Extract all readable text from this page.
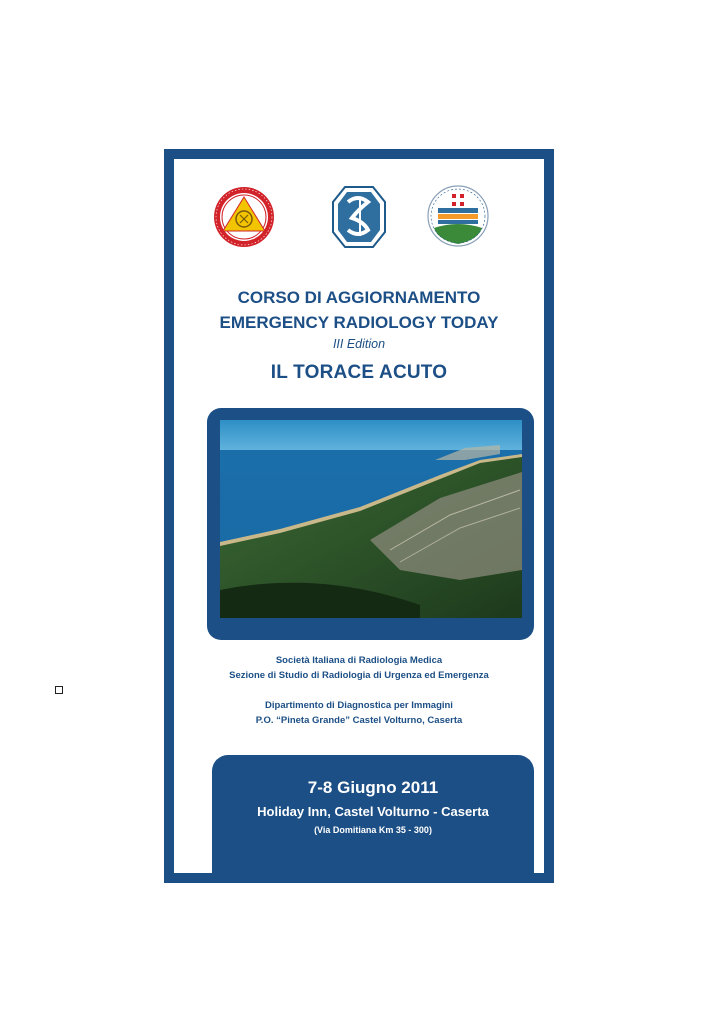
CORSO DI AGGIORNAMENTO
EMERGENCY RADIOLOGY TODAY
III Edition
IL TORACE ACUTO
Società Italiana di Radiologia Medica
Sezione di Studio di Radiologia di Urgenza ed Emergenza
Dipartimento di Diagnostica per Immagini
P.O. “Pineta Grande” Castel Volturno, Caserta
7-8 Giugno 2011
Holiday Inn, Castel Volturno - Caserta
(Via Domitiana Km 35 - 300)
